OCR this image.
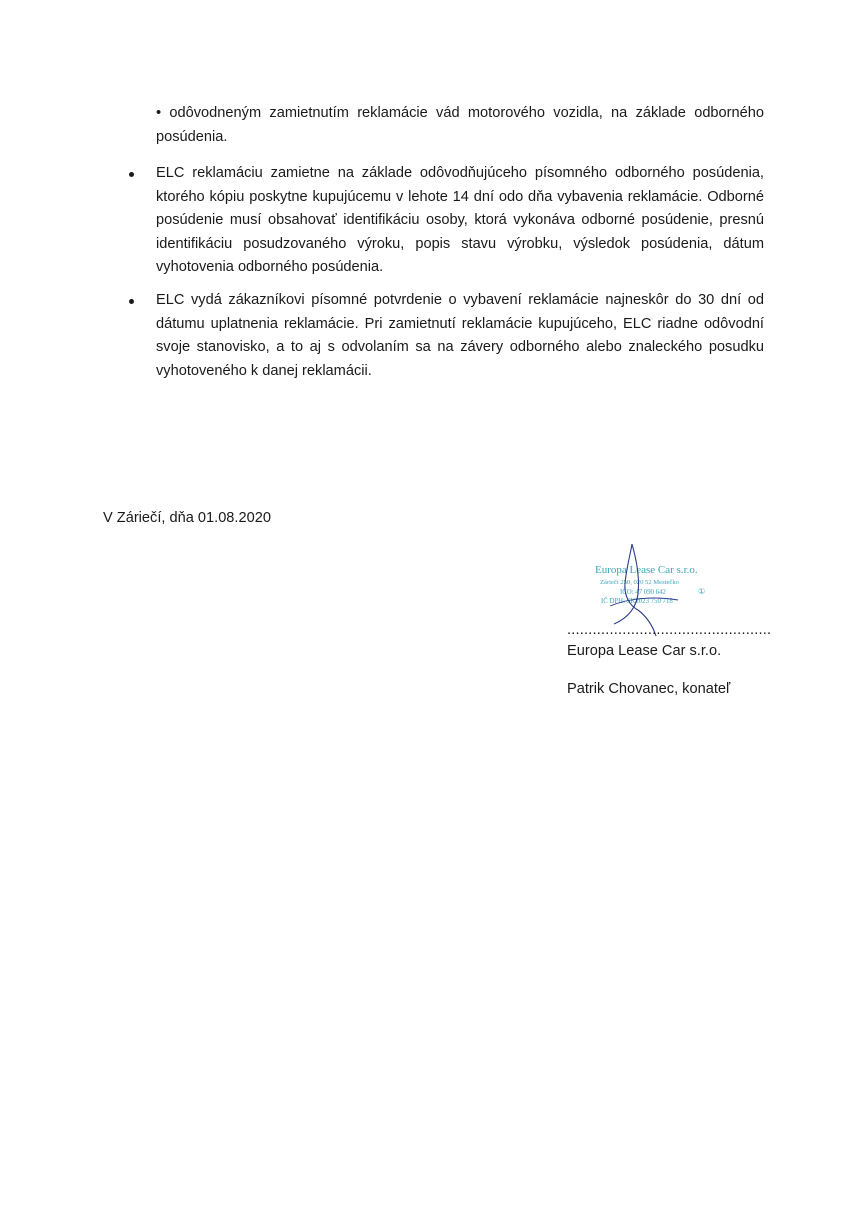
• odôvodneným zamietnutím reklamácie vád motorového vozidla, na základe odborného posúdenia.

ELC reklamáciu zamietne na základe odôvodňujúceho písomného odborného posúdenia, ktorého kópiu poskytne kupujúcemu v lehote 14 dní odo dňa vybavenia reklamácie. Odborné posúdenie musí obsahovať identifikáciu osoby, ktorá vykonáva odborné posúdenie, presnú identifikáciu posudzovaného výroku, popis stavu výrobku, výsledok posúdenia, dátum vyhotovenia odborného posúdenia.

ELC vydá zákazníkovi písomné potvrdenie o vybavení reklamácie najneskôr do 30 dní od dátumu uplatnenia reklamácie. Pri zamietnutí reklamácie kupujúceho, ELC riadne odôvodní svoje stanovisko, a to aj s odvolaním sa na závery odborného alebo znaleckého posudku vyhotoveného k danej reklamácii.

V Záriečí, dňa 01.08.2020
Europa Lease Car s.r.o.
Zárieči 250, 020 52 Mestečko
IČO: 47 090 642	①
IČ DPH: SK2023 750 718
................................................
Europa Lease Car s.r.o.
Patrik Chovanec, konateľ
